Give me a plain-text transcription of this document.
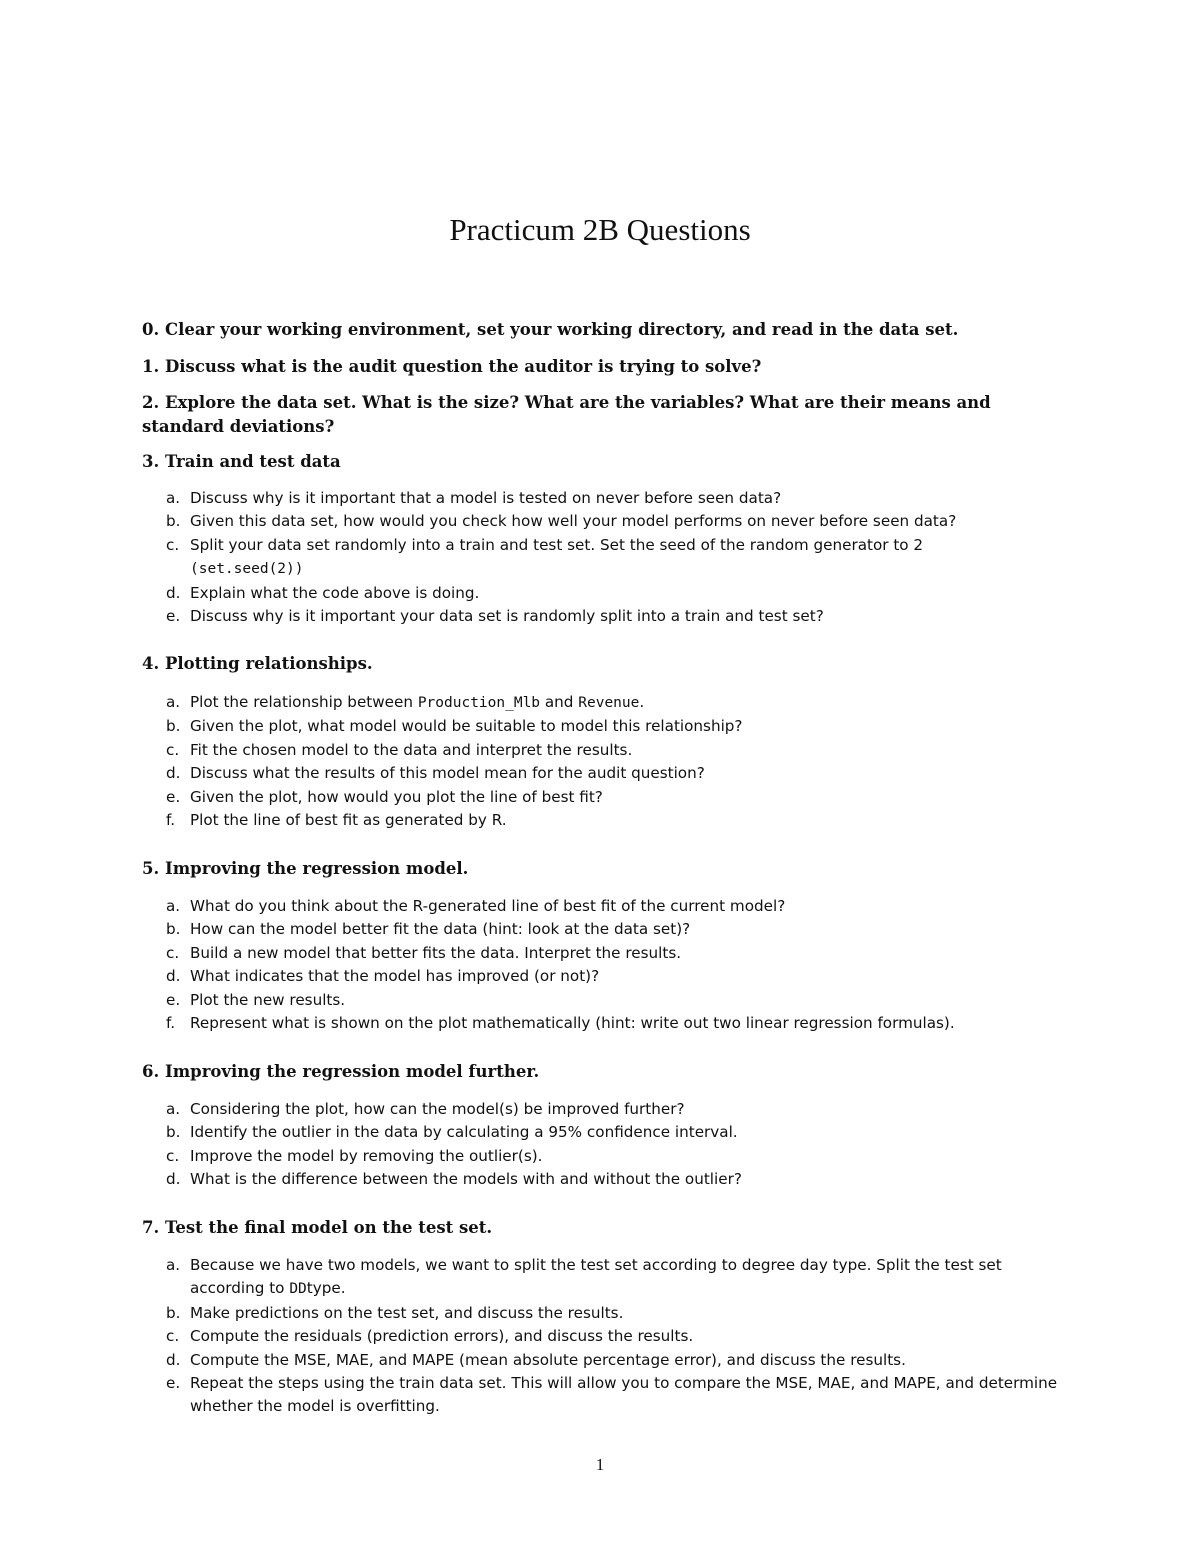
Practicum 2B Questions

0. Clear your working environment, set your working directory, and read in the data set.

1. Discuss what is the audit question the auditor is trying to solve?

2. Explore the data set. What is the size? What are the variables? What are their means and standard deviations?

3. Train and test data

a. Discuss why is it important that a model is tested on never before seen data?
b. Given this data set, how would you check how well your model performs on never before seen data?
c. Split your data set randomly into a train and test set. Set the seed of the random generator to 2
(set.seed(2))
d. Explain what the code above is doing.
e. Discuss why is it important your data set is randomly split into a train and test set?

4. Plotting relationships.

a. Plot the relationship between Production_Mlb and Revenue.
b. Given the plot, what model would be suitable to model this relationship?
c. Fit the chosen model to the data and interpret the results.
d. Discuss what the results of this model mean for the audit question?
e. Given the plot, how would you plot the line of best fit?
f. Plot the line of best fit as generated by R.

5. Improving the regression model.

a. What do you think about the R-generated line of best fit of the current model?
b. How can the model better fit the data (hint: look at the data set)?
c. Build a new model that better fits the data. Interpret the results.
d. What indicates that the model has improved (or not)?
e. Plot the new results.
f. Represent what is shown on the plot mathematically (hint: write out two linear regression formulas).

6. Improving the regression model further.

a. Considering the plot, how can the model(s) be improved further?
b. Identify the outlier in the data by calculating a 95% confidence interval.
c. Improve the model by removing the outlier(s).
d. What is the difference between the models with and without the outlier?

7. Test the final model on the test set.

a. Because we have two models, we want to split the test set according to degree day type. Split the test set according to DDtype.
b. Make predictions on the test set, and discuss the results.
c. Compute the residuals (prediction errors), and discuss the results.
d. Compute the MSE, MAE, and MAPE (mean absolute percentage error), and discuss the results.
e. Repeat the steps using the train data set. This will allow you to compare the MSE, MAE, and MAPE, and determine whether the model is overfitting.
1
